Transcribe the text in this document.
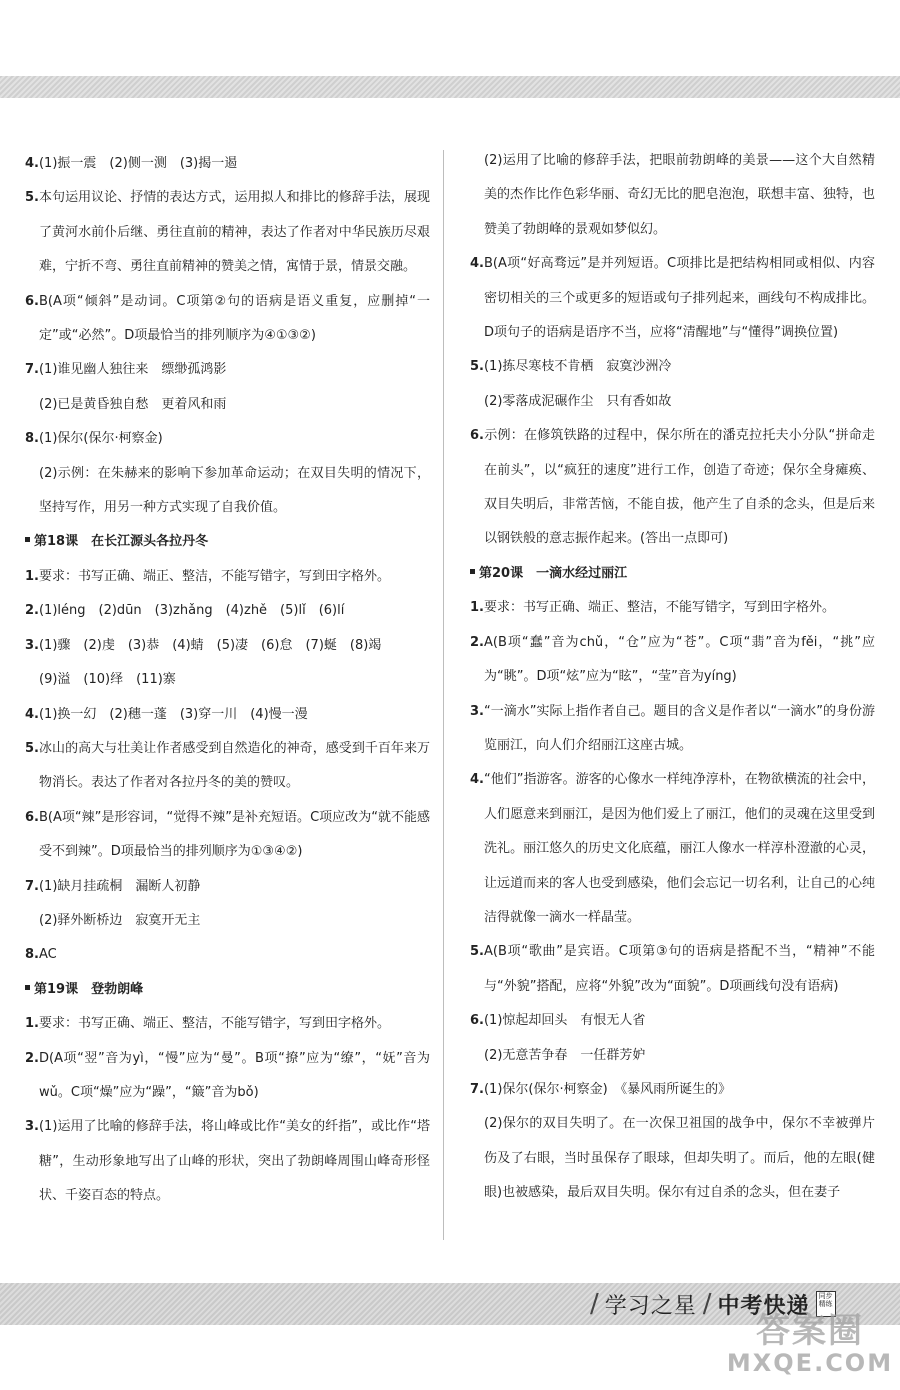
4.(1)振一震　(2)侧一测　(3)揭一遏

5.本句运用议论、抒情的表达方式，运用拟人和排比的修辞手法，展现了黄河水前仆后继、勇往直前的精神，表达了作者对中华民族历尽艰难，宁折不弯、勇往直前精神的赞美之情，寓情于景，情景交融。

6.B(A项“倾斜”是动词。C项第②句的语病是语义重复，应删掉“一定”或“必然”。D项最恰当的排列顺序为④①③②)

7.(1)谁见幽人独往来　缥缈孤鸿影

(2)已是黄昏独自愁　更着风和雨

8.(1)保尔(保尔·柯察金)

(2)示例：在朱赫来的影响下参加革命运动；在双目失明的情况下，坚持写作，用另一种方式实现了自我价值。

第18课　在长江源头各拉丹冬

1.要求：书写正确、端正、整洁，不能写错字，写到田字格外。

2.(1)léng　(2)dūn　(3)zhǎng　(4)zhě　(5)lǐ　(6)lí

3.(1)骤　(2)虔　(3)恭　(4)蜻　(5)凄　(6)怠　(7)蜒　(8)竭

(9)溢　(10)绎　(11)寨

4.(1)换一幻　(2)穗一蓬　(3)穿一川　(4)慢一漫

5.冰山的高大与壮美让作者感受到自然造化的神奇，感受到千百年来万物消长。表达了作者对各拉丹冬的美的赞叹。

6.B(A项“辣”是形容词，“觉得不辣”是补充短语。C项应改为“就不能感受不到辣”。D项最恰当的排列顺序为①③④②)

7.(1)缺月挂疏桐　漏断人初静

(2)驿外断桥边　寂寞开无主

8.AC

第19课　登勃朗峰

1.要求：书写正确、端正、整洁，不能写错字，写到田字格外。

2.D(A项“翌”音为yì，“慢”应为“曼”。B项“撩”应为“缭”，“妩”音为wǔ。C项“燥”应为“躁”，“簸”音为bǒ)

3.(1)运用了比喻的修辞手法，将山峰或比作“美女的纤指”，或比作“塔糖”，生动形象地写出了山峰的形状，突出了勃朗峰周围山峰奇形怪状、千姿百态的特点。

(2)运用了比喻的修辞手法，把眼前勃朗峰的美景——这个大自然精美的杰作比作色彩华丽、奇幻无比的肥皂泡泡，联想丰富、独特，也赞美了勃朗峰的景观如梦似幻。

4.B(A项“好高骛远”是并列短语。C项排比是把结构相同或相似、内容密切相关的三个或更多的短语或句子排列起来，画线句不构成排比。D项句子的语病是语序不当，应将“清醒地”与“懂得”调换位置)

5.(1)拣尽寒枝不肯栖　寂寞沙洲冷

(2)零落成泥碾作尘　只有香如故

6.示例：在修筑铁路的过程中，保尔所在的潘克拉托夫小分队“拼命走在前头”，以“疯狂的速度”进行工作，创造了奇迹；保尔全身瘫痪、双目失明后，非常苦恼，不能自拔，他产生了自杀的念头，但是后来以钢铁般的意志振作起来。(答出一点即可)

第20课　一滴水经过丽江

1.要求：书写正确、端正、整洁，不能写错字，写到田字格外。

2.A(B项“蠢”音为chǔ，“仓”应为“苍”。C项“翡”音为fěi，“挑”应为“眺”。D项“炫”应为“眩”，“莹”音为yíng)

3.“一滴水”实际上指作者自己。题目的含义是作者以“一滴水”的身份游览丽江，向人们介绍丽江这座古城。

4.“他们”指游客。游客的心像水一样纯净淳朴，在物欲横流的社会中，人们愿意来到丽江，是因为他们爱上了丽江，他们的灵魂在这里受到洗礼。丽江悠久的历史文化底蕴，丽江人像水一样淳朴澄澈的心灵，让远道而来的客人也受到感染，他们会忘记一切名利，让自己的心纯洁得就像一滴水一样晶莹。

5.A(B项“歌曲”是宾语。C项第③句的语病是搭配不当，“精神”不能与“外貌”搭配，应将“外貌”改为“面貌”。D项画线句没有语病)

6.(1)惊起却回头　有恨无人省

(2)无意苦争春　一任群芳妒

7.(1)保尔(保尔·柯察金)　《暴风雨所诞生的》

(2)保尔的双目失明了。在一次保卫祖国的战争中，保尔不幸被弹片伤及了右眼，当时虽保存了眼球，但却失明了。而后，他的左眼(健眼)也被感染，最后双目失明。保尔有过自杀的念头，但在妻子

/ 学习之星 / 中考快递	同步精练
答案圈
MXQE.COM
